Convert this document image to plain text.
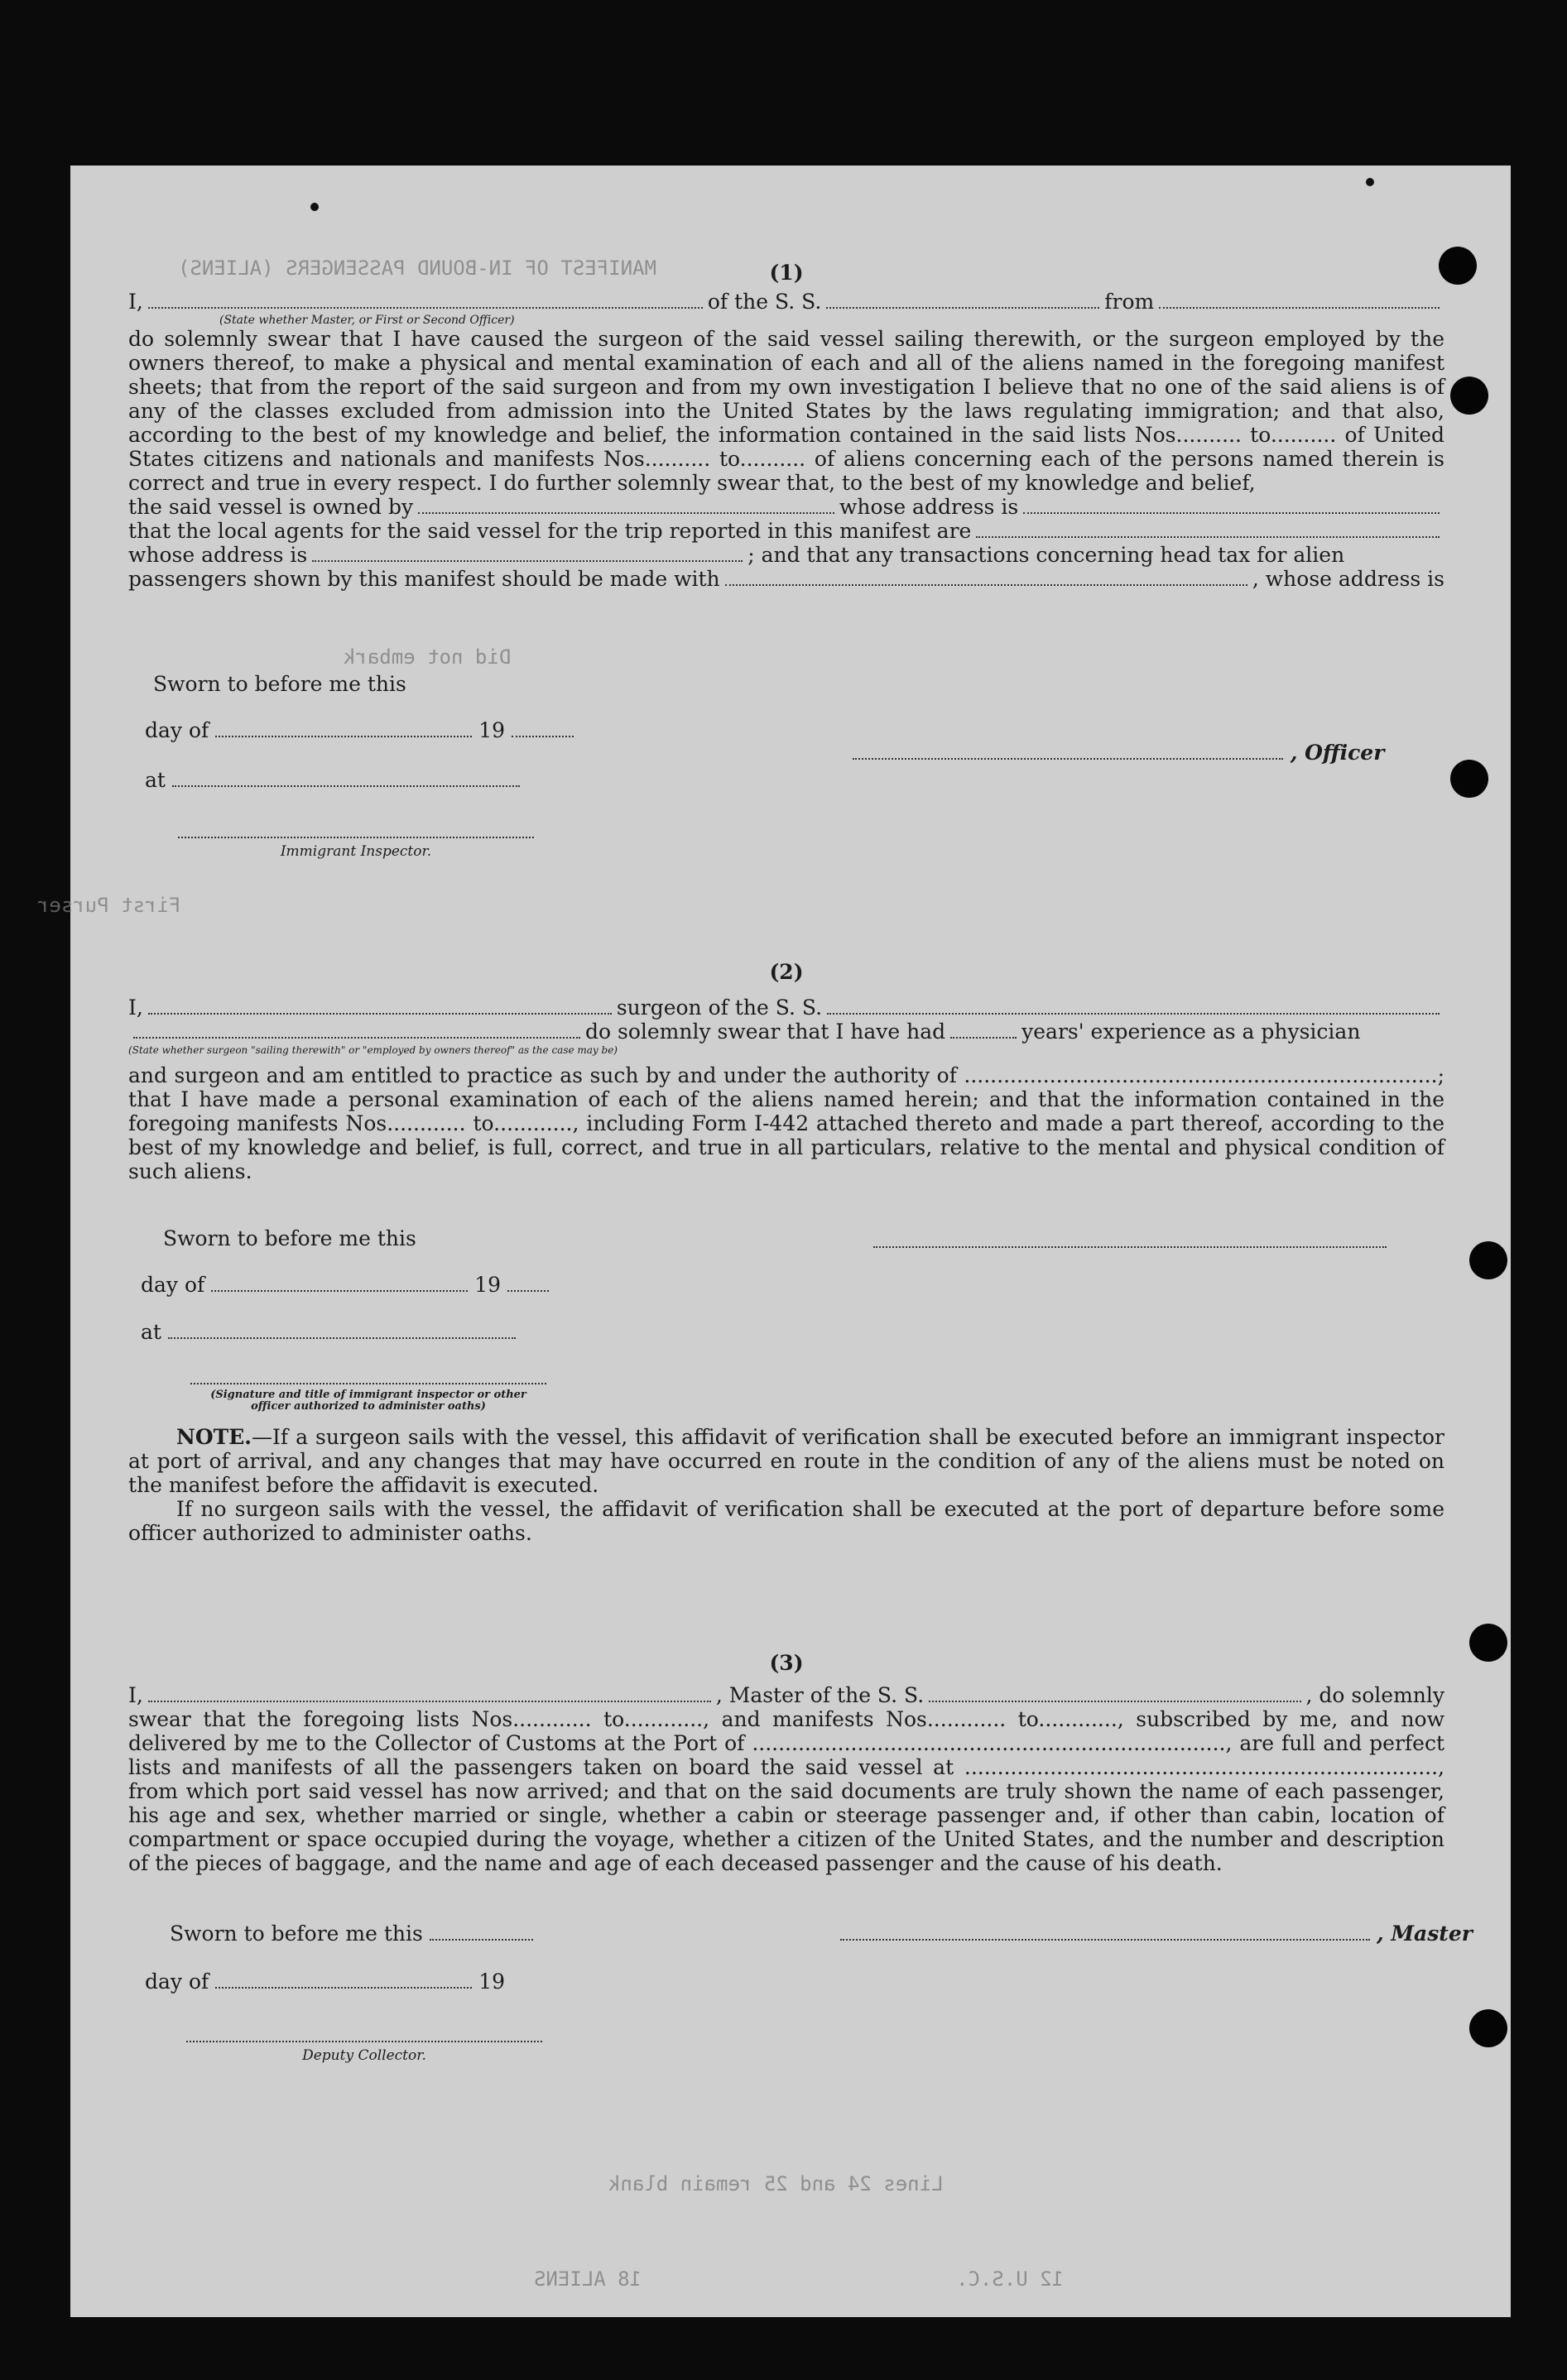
MANIFEST OF IN-BOUND PASSENGERS (ALIENS)
Did not embark
First Purser
Lines 24 and 25 remain blank
18 ALIENS	12 U.S.C.
(1)
I,	of the S. S.	from
(State whether Master, or First or Second Officer)

do solemnly swear that I have caused the surgeon of the said vessel sailing therewith, or the surgeon employed by the owners thereof, to make a physical and mental examination of each and all of the aliens named in the foregoing manifest sheets; that from the report of the said surgeon and from my own investigation I believe that no one of the said aliens is of any of the classes excluded from admission into the United States by the laws regulating immigration; and that also, according to the best of my knowledge and belief, the information contained in the said lists Nos.......... to.......... of United States citizens and nationals and manifests Nos.......... to.......... of aliens concerning each of the persons named therein is correct and true in every respect. I do further solemnly swear that, to the best of my knowledge and belief,

the said vessel is owned by	whose address is
that the local agents for the said vessel for the trip reported in this manifest are
whose address is	; and that any transactions concerning head tax for alien
passengers shown by this manifest should be made with	, whose address is
Sworn to before me this
day of	19
at
Immigrant Inspector.
, Officer
(2)
I,	surgeon of the S. S.
do solemnly swear that I have had	years' experience as a physician
(State whether surgeon "sailing therewith" or "employed by owners thereof" as the case may be)

and surgeon and am entitled to practice as such by and under the authority of ........................................................................; that I have made a personal examination of each of the aliens named herein; and that the information contained in the foregoing manifests Nos............ to............, including Form I-442 attached thereto and made a part thereof, according to the best of my knowledge and belief, is full, correct, and true in all particulars, relative to the mental and physical condition of such aliens.

Sworn to before me this
day of	19
at
(Signature and title of immigrant inspector or other officer authorized to administer oaths)

NOTE.—If a surgeon sails with the vessel, this affidavit of verification shall be executed before an immigrant inspector at port of arrival, and any changes that may have occurred en route in the condition of any of the aliens must be noted on the manifest before the affidavit is executed.

If no surgeon sails with the vessel, the affidavit of verification shall be executed at the port of departure before some officer authorized to administer oaths.

(3)
I,	, Master of the S. S.	, do solemnly

swear that the foregoing lists Nos............ to............, and manifests Nos............ to............, subscribed by me, and now delivered by me to the Collector of Customs at the Port of ........................................................................, are full and perfect lists and manifests of all the passengers taken on board the said vessel at ........................................................................, from which port said vessel has now arrived; and that on the said documents are truly shown the name of each passenger, his age and sex, whether married or single, whether a cabin or steerage passenger and, if other than cabin, location of compartment or space occupied during the voyage, whether a citizen of the United States, and the number and description of the pieces of baggage, and the name and age of each deceased passenger and the cause of his death.

Sworn to before me this	, Master
day of	19
Deputy Collector.
